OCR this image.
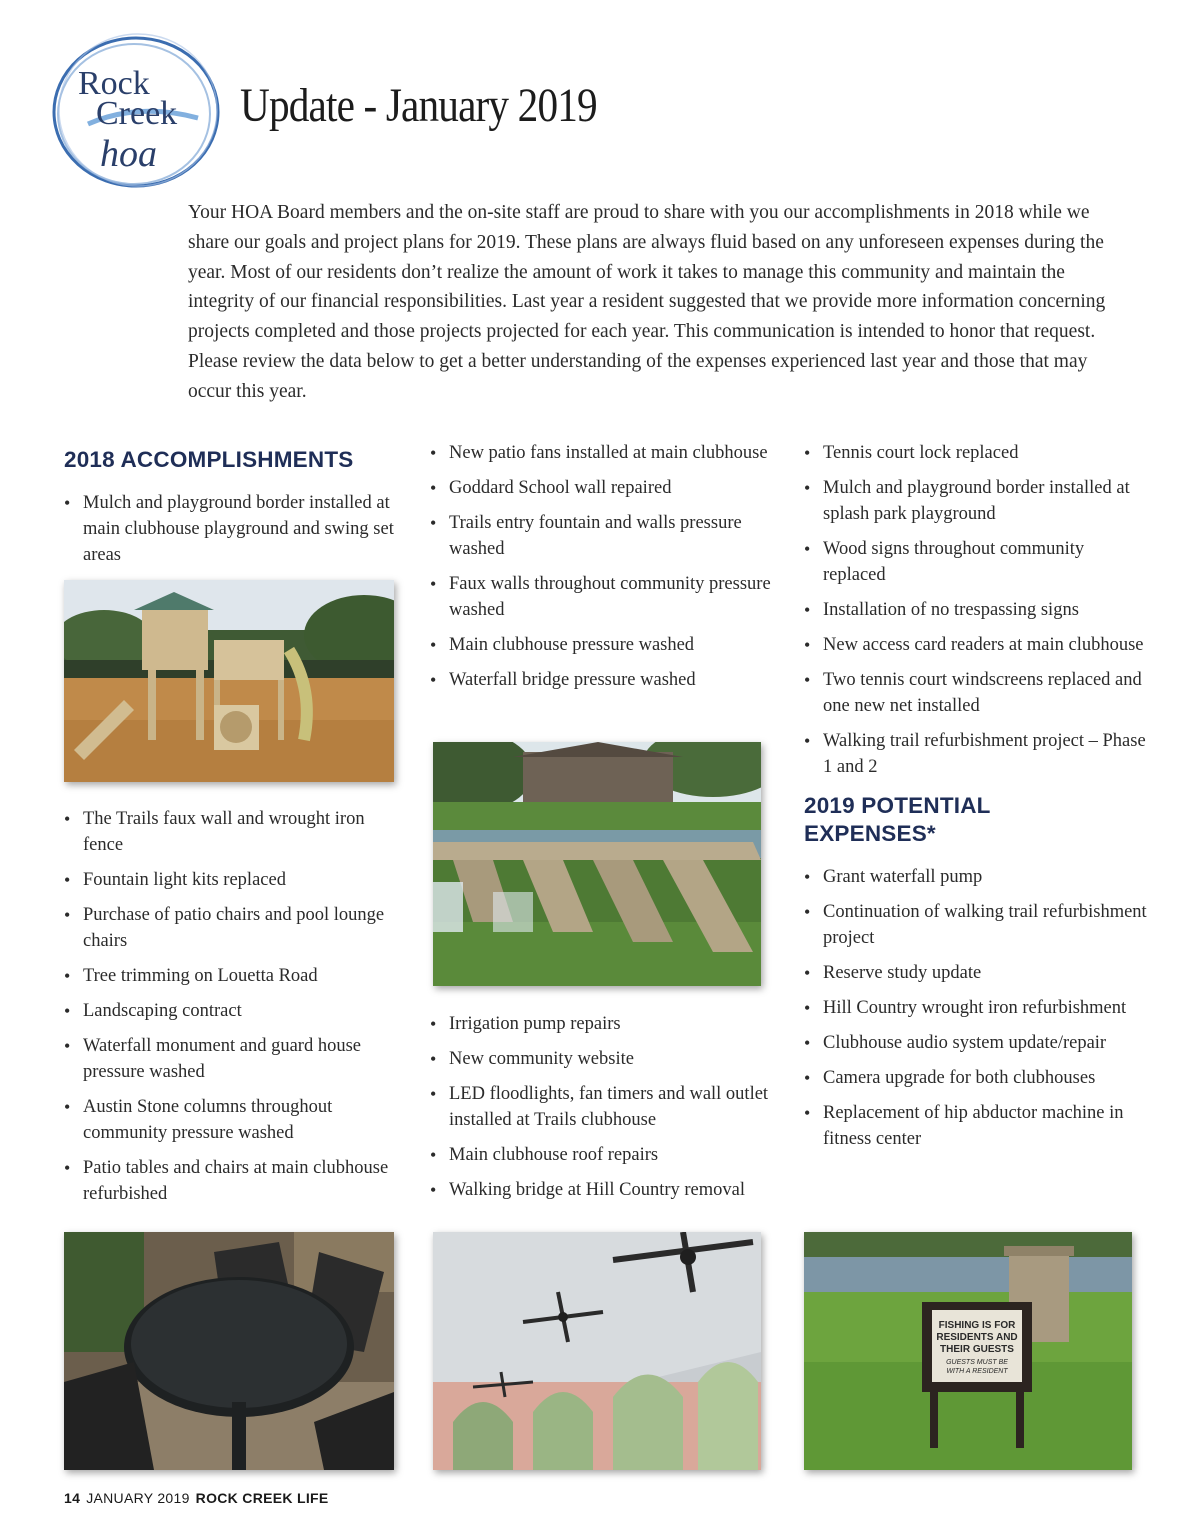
Rock
Creek
hoa
Update - January 2019

Your HOA Board members and the on-site staff are proud to share with you our accomplishments in 2018 while we share our goals and project plans for 2019. These plans are always fluid based on any unforeseen expenses during the year. Most of our residents don’t realize the amount of work it takes to manage this community and maintain the integrity of our financial responsibilities. Last year a resident suggested that we provide more information concerning projects completed and those projects projected for each year. This communication is intended to honor that request. Please review the data below to get a better understanding of the expenses experienced last year and those that may occur this year.

2018 ACCOMPLISHMENTS
• Mulch and playground border installed at main clubhouse playground and swing set areas
• The Trails faux wall and wrought iron fence
• Fountain light kits replaced
• Purchase of patio chairs and pool lounge chairs
• Tree trimming on Louetta Road
• Landscaping contract
• Waterfall monument and guard house pressure washed
• Austin Stone columns throughout community pressure washed
• Patio tables and chairs at main clubhouse refurbished
• New patio fans installed at main clubhouse
• Goddard School wall repaired
• Trails entry fountain and walls pressure washed
• Faux walls throughout community pressure washed
• Main clubhouse pressure washed
• Waterfall bridge pressure washed
• Irrigation pump repairs
• New community website
• LED floodlights, fan timers and wall outlet installed at Trails clubhouse
• Main clubhouse roof repairs
• Walking bridge at Hill Country removal
• Tennis court lock replaced
• Mulch and playground border installed at splash park playground
• Wood signs throughout community replaced
• Installation of no trespassing signs
• New access card readers at main clubhouse
• Two tennis court windscreens replaced and one new net installed
• Walking trail refurbishment project – Phase 1 and 2
2019 POTENTIAL
EXPENSES*
• Grant waterfall pump
• Continuation of walking trail refurbishment project
• Reserve study update
• Hill Country wrought iron refurbishment
• Clubhouse audio system update/repair
• Camera upgrade for both clubhouses
• Replacement of hip abductor machine in fitness center
FISHING IS FOR
RESIDENTS AND
THEIR GUESTS
GUESTS MUST BE
WITH A RESIDENT
14 JANUARY 2019 ROCK CREEK LIFE
